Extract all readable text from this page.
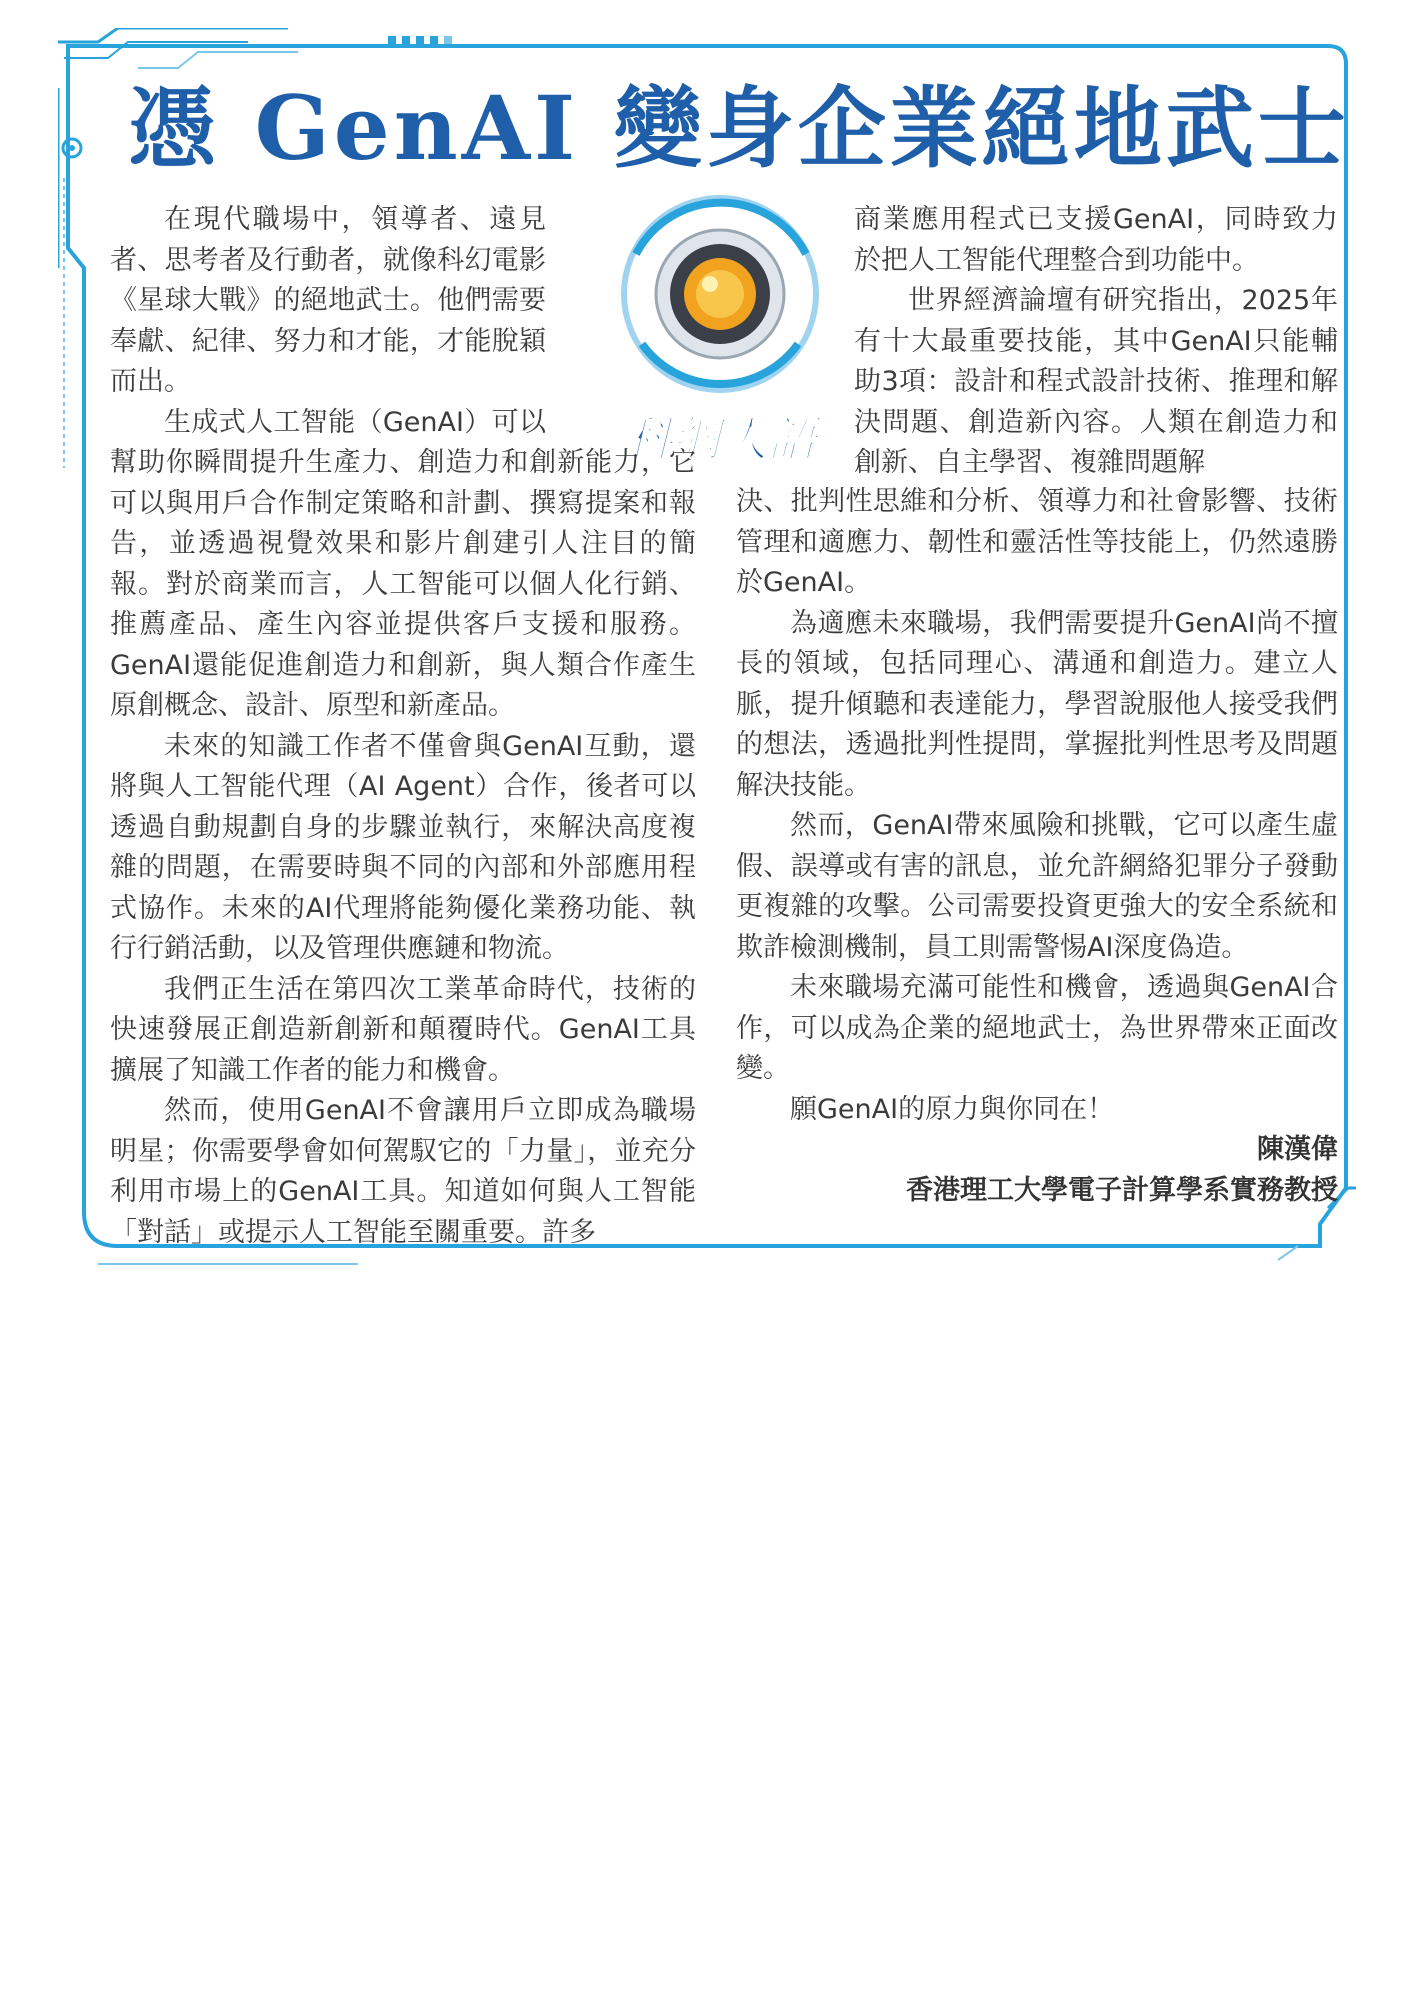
憑 GenAI 變身企業絕地武士
科網人語

在現代職場中，領導者、遠見者、思考者及行動者，就像科幻電影《星球大戰》的絕地武士。他們需要奉獻、紀律、努力和才能，才能脫穎而出。

生成式人工智能（GenAI）可以幫助你瞬間提升生產力、創造力和創新能力，它可以與用戶合作制定策略和計劃、撰寫提案和報告，並透過視覺效果和影片創建引人注目的簡報。對於商業而言，人工智能可以個人化行銷、推薦產品、產生內容並提供客戶支援和服務。GenAI還能促進創造力和創新，與人類合作產生原創概念、設計、原型和新產品。

未來的知識工作者不僅會與GenAI互動，還將與人工智能代理（AI Agent）合作，後者可以透過自動規劃自身的步驟並執行，來解決高度複雜的問題，在需要時與不同的內部和外部應用程式協作。未來的AI代理將能夠優化業務功能、執行行銷活動，以及管理供應鏈和物流。

我們正生活在第四次工業革命時代，技術的快速發展正創造新創新和顛覆時代。GenAI工具擴展了知識工作者的能力和機會。

然而，使用GenAI不會讓用戶立即成為職場明星；你需要學會如何駕馭它的「力量」，並充分利用市場上的GenAI工具。知道如何與人工智能「對話」或提示人工智能至關重要。許多

商業應用程式已支援GenAI，同時致力於把人工智能代理整合到功能中。

世界經濟論壇有研究指出，2025年有十大最重要技能，其中GenAI只能輔助3項：設計和程式設計技術、推理和解決問題、創造新內容。人類在創造力和創新、自主學習、複雜問題解

決、批判性思維和分析、領導力和社會影響、技術管理和適應力、韌性和靈活性等技能上，仍然遠勝於GenAI。

為適應未來職場，我們需要提升GenAI尚不擅長的領域，包括同理心、溝通和創造力。建立人脈，提升傾聽和表達能力，學習說服他人接受我們的想法，透過批判性提問，掌握批判性思考及問題解決技能。

然而，GenAI帶來風險和挑戰，它可以產生虛假、誤導或有害的訊息，並允許網絡犯罪分子發動更複雜的攻擊。公司需要投資更強大的安全系統和欺詐檢測機制，員工則需警惕AI深度偽造。

未來職場充滿可能性和機會，透過與GenAI合作，可以成為企業的絕地武士，為世界帶來正面改變。

願GenAI的原力與你同在！

陳漢偉

香港理工大學電子計算學系實務教授
